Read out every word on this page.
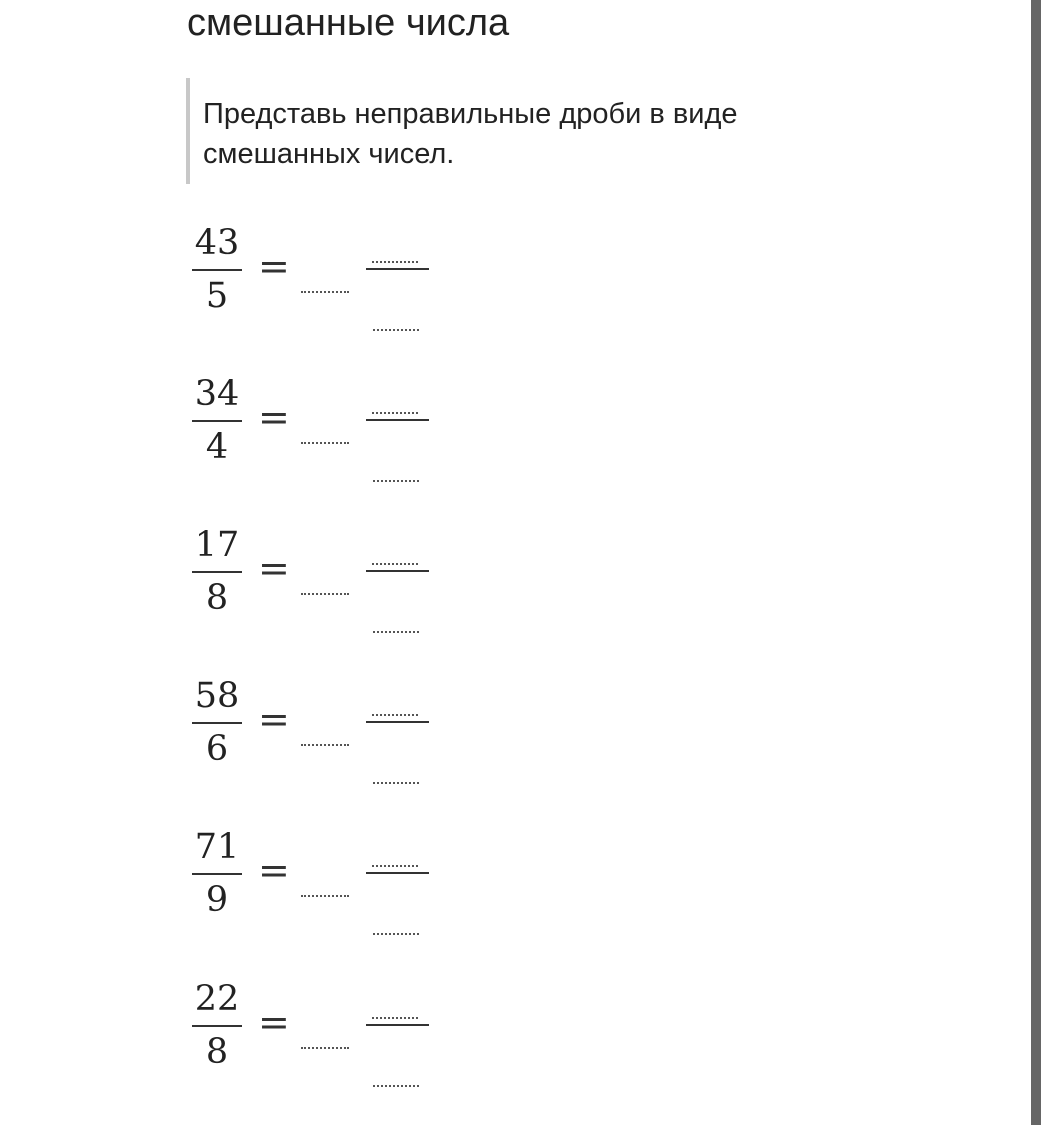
смешанные числа
Представь неправильные дроби в виде смешанных чисел.
43
5
=
34
4
=
17
8
=
58
6
=
71
9
=
22
8
=
